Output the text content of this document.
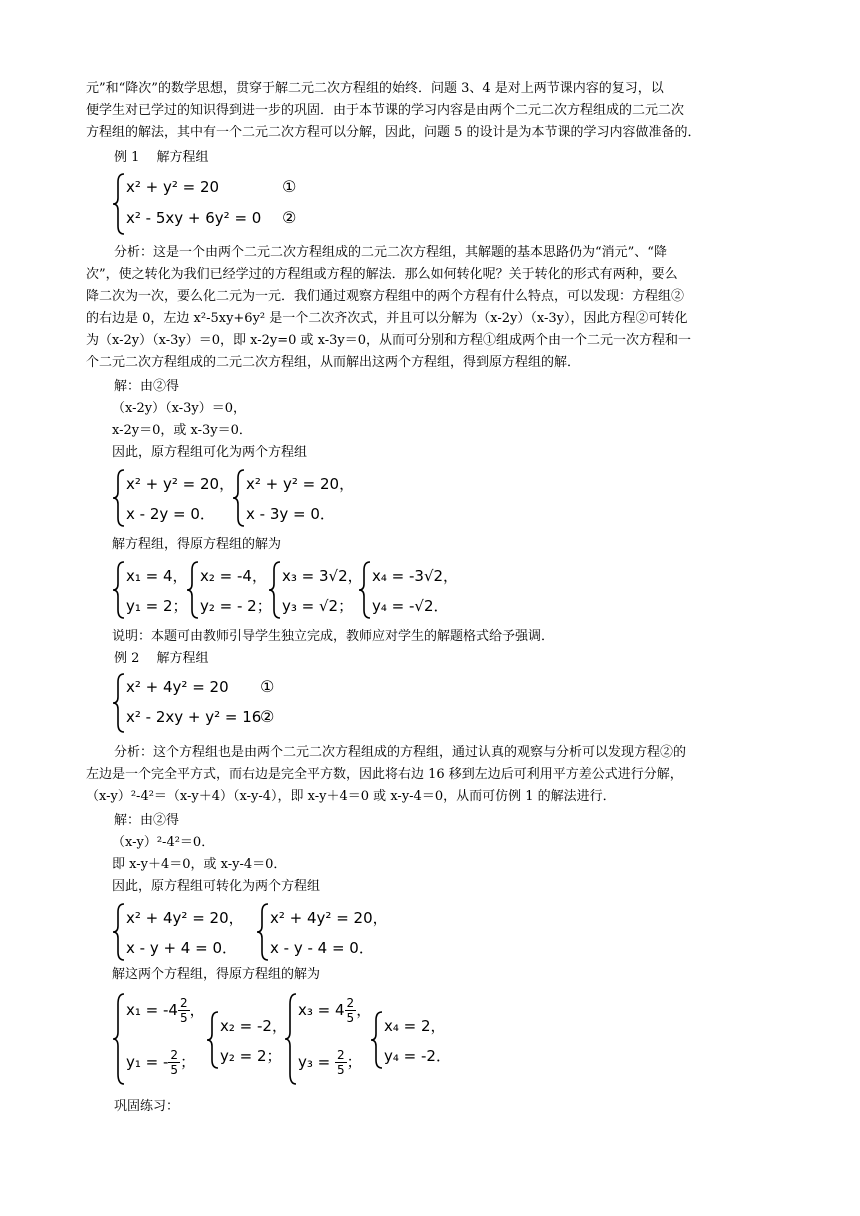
元”和“降次”的数学思想，贯穿于解二元二次方程组的始终．问题 3、4 是对上两节课内容的复习，以

便学生对已学过的知识得到进一步的巩固．由于本节课的学习内容是由两个二元二次方程组成的二元二次

方程组的解法，其中有一个二元二次方程可以分解，因此，问题 5 的设计是为本节课的学习内容做准备的．

例 1　 解方程组

x² + y² = 20
x² - 5xy + 6y² = 0
①
②

分析：这是一个由两个二元二次方程组成的二元二次方程组，其解题的基本思路仍为“消元”、“降

次”，使之转化为我们已经学过的方程组或方程的解法．那么如何转化呢？关于转化的形式有两种，要么

降二次为一次，要么化二元为一元．我们通过观察方程组中的两个方程有什么特点，可以发现：方程组②

的右边是 0，左边 x²-5xy+6y² 是一个二次齐次式，并且可以分解为（x-2y）（x-3y），因此方程②可转化

为（x-2y）（x-3y）＝0，即 x-2y=0 或 x-3y＝0，从而可分别和方程①组成两个由一个二元一次方程和一

个二元二次方程组成的二元二次方程组，从而解出这两个方程组，得到原方程组的解．

解：由②得

（x-2y）（x-3y）＝0，

x-2y＝0，或 x-3y＝0．

因此，原方程组可化为两个方程组

x² + y² = 20，
x - 2y = 0．
x² + y² = 20，
x - 3y = 0．

解方程组，得原方程组的解为

x₁ = 4，
y₁ = 2；
x₂ = -4，
y₂ = - 2；
x₃ = 3√2，
y₃ = √2；
x₄ = -3√2，
y₄ = -√2．

说明：本题可由教师引导学生独立完成，教师应对学生的解题格式给予强调．

例 2　 解方程组

x² + 4y² = 20
x² - 2xy + y² = 16
①
②

分析：这个方程组也是由两个二元二次方程组成的方程组，通过认真的观察与分析可以发现方程②的

左边是一个完全平方式，而右边是完全平方数，因此将右边 16 移到左边后可利用平方差公式进行分解，

（x-y）²-4²＝（x-y＋4）（x-y-4），即 x-y＋4＝0 或 x-y-4＝0，从而可仿例 1 的解法进行．

解：由②得

（x-y）²-4²＝0．

即 x-y＋4＝0，或 x-y-4＝0．

因此，原方程组可转化为两个方程组

x² + 4y² = 20，
x - y + 4 = 0．
x² + 4y² = 20，
x - y - 4 = 0．

解这两个方程组，得原方程组的解为

$x_1 = -4 \frac{2}{5}$ ，
y₁ = - $\frac{2}{5}$ ；
x₂ = -2，
y₂ = 2；
$x_3 = 4 \frac{2}{5}$ ，
$y_3 = \frac{2}{5}$ ；
x₄ = 2，
y₄ = -2．

巩固练习：
